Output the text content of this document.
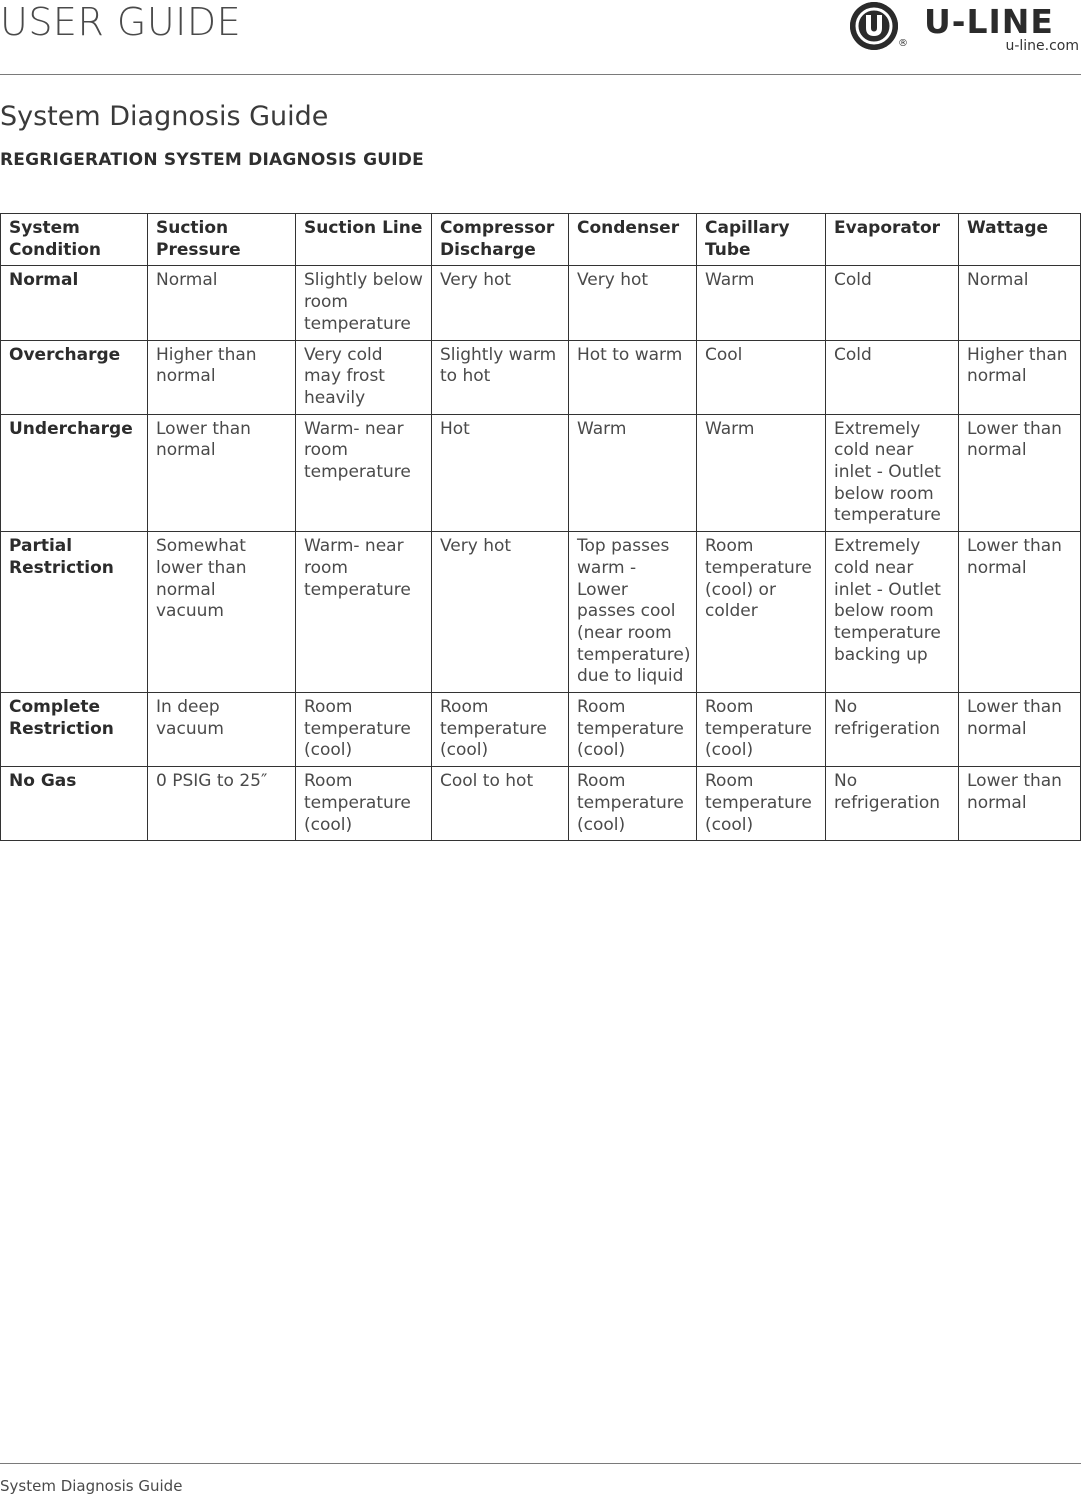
USER GUIDE	®
U-LINE
u-line.com
System Diagnosis Guide
REGRIGERATION SYSTEM DIAGNOSIS GUIDE
System Condition	Suction Pressure	Suction Line	Compressor Discharge	Condenser	Capillary Tube	Evaporator	Wattage
Normal	Normal	Slightly below room temperature	Very hot	Very hot	Warm	Cold	Normal
Overcharge	Higher than normal	Very cold may frost heavily	Slightly warm to hot	Hot to warm	Cool	Cold	Higher than normal
Undercharge	Lower than normal	Warm- near room temperature	Hot	Warm	Warm	Extremely cold near inlet - Outlet below room temperature	Lower than normal
Partial Restriction	Somewhat lower than normal vacuum	Warm- near room temperature	Very hot	Top passes warm - Lower passes cool (near room temperature) due to liquid	Room temperature (cool) or colder	Extremely cold near inlet - Outlet below room temperature backing up	Lower than normal
Complete Restriction	In deep vacuum	Room temperature (cool)	Room temperature (cool)	Room temperature (cool)	Room temperature (cool)	No refrigeration	Lower than normal
No Gas	0 PSIG to 25″	Room temperature (cool)	Cool to hot	Room temperature (cool)	Room temperature (cool)	No refrigeration	Lower than normal
System Diagnosis Guide
